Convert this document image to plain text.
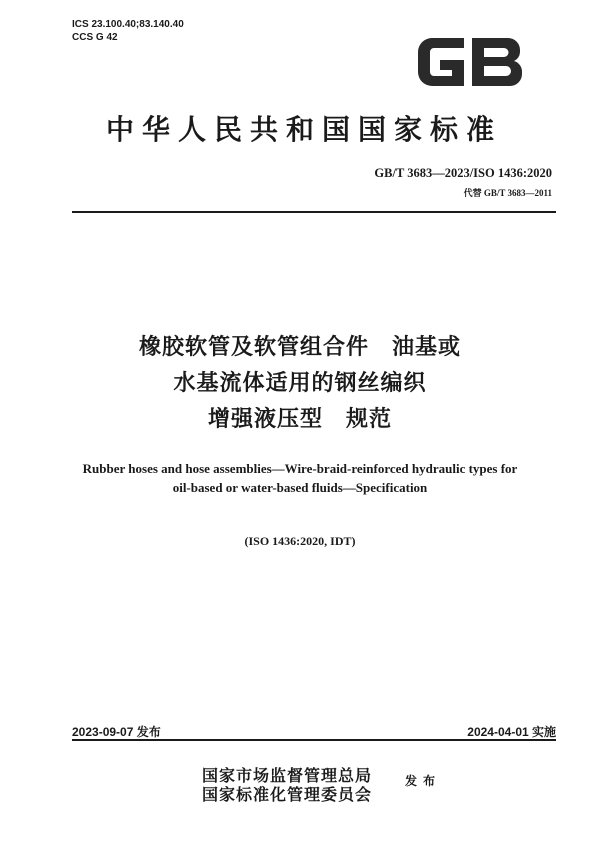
ICS 23.100.40;83.140.40
CCS G 42
中华人民共和国国家标准
GB/T 3683—2023/ISO 1436:2020
代替 GB/T 3683—2011
橡胶软管及软管组合件　油基或
水基流体适用的钢丝编织
增强液压型　规范
Rubber hoses and hose assemblies—Wire-braid-reinforced hydraulic types for
oil-based or water-based fluids—Specification
(ISO 1436:2020, IDT)
2023-09-07 发布	2024-04-01 实施
国家市场监督管理总局
国家标准化管理委员会
发布
